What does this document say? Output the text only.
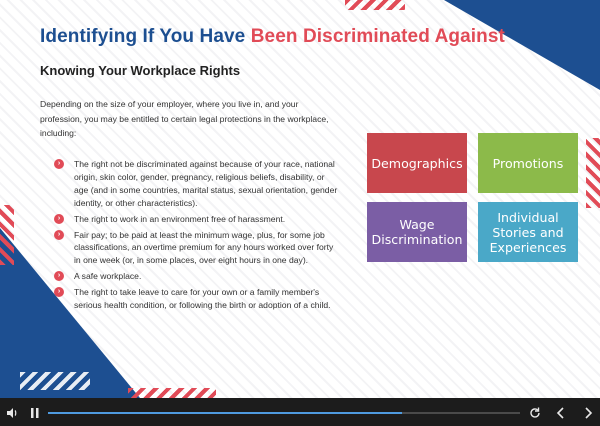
Identifying If You Have Been Discriminated Against
Knowing Your Workplace Rights

Depending on the size of your employer, where you live in, and your profession, you may be entitled to certain legal protections in the workplace, including:

›	The right not be discriminated against because of your race, national origin, skin color, gender, pregnancy, religious beliefs, disability, or age (and in some countries, marital status, sexual orientation, gender identity, or other characteristics).
›	The right to work in an environment free of harassment.
›	Fair pay; to be paid at least the minimum wage, plus, for some job classifications, an overtime premium for any hours worked over forty in one week (or, in some places, over eight hours in one day).
›	A safe workplace.
›	The right to take leave to care for your own or a family member's serious health condition, or following the birth or adoption of a child.
Demographics Promotions
Wage Discrimination
Individual Stories and Experiences
